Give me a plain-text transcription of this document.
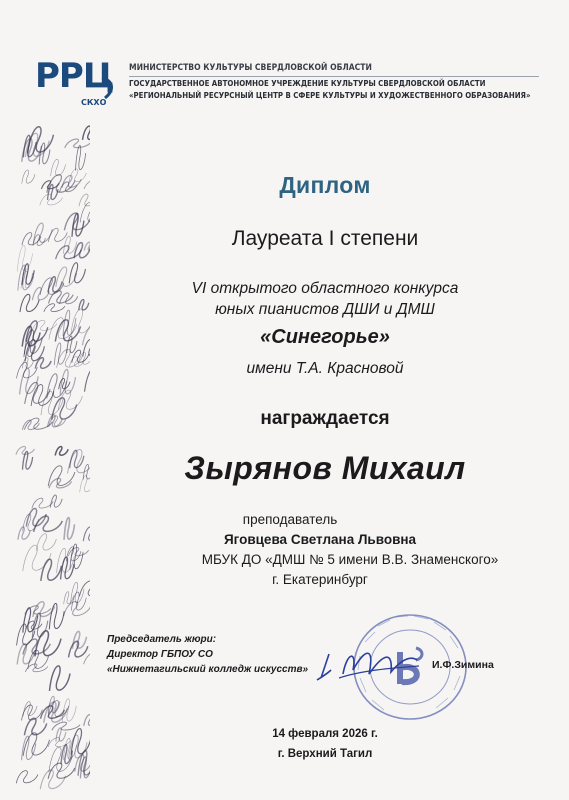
РРЦ
СКХО
МИНИСТЕРСТВО КУЛЬТУРЫ СВЕРДЛОВСКОЙ ОБЛАСТИ
ГОСУДАРСТВЕННОЕ АВТОНОМНОЕ УЧРЕЖДЕНИЕ КУЛЬТУРЫ СВЕРДЛОВСКОЙ ОБЛАСТИ
«РЕГИОНАЛЬНЫЙ РЕСУРСНЫЙ ЦЕНТР В СФЕРЕ КУЛЬТУРЫ И ХУДОЖЕСТВЕННОГО ОБРАЗОВАНИЯ»
Диплом
Лауреата I степени
VI открытого областного конкурса
юных пианистов ДШИ и ДМШ
«Синегорье»
имени Т.А. Красновой
награждается
Зырянов Михаил
преподаватель
Яговцева Светлана Львовна
МБУК ДО «ДМШ № 5 имени В.В. Знаменского»
г. Екатеринбург
Председатель жюри:
Директор ГБПОУ СО
«Нижнетагильский колледж искусств»	И.Ф.Зимина
14 февраля 2026 г.
г. Верхний Тагил
